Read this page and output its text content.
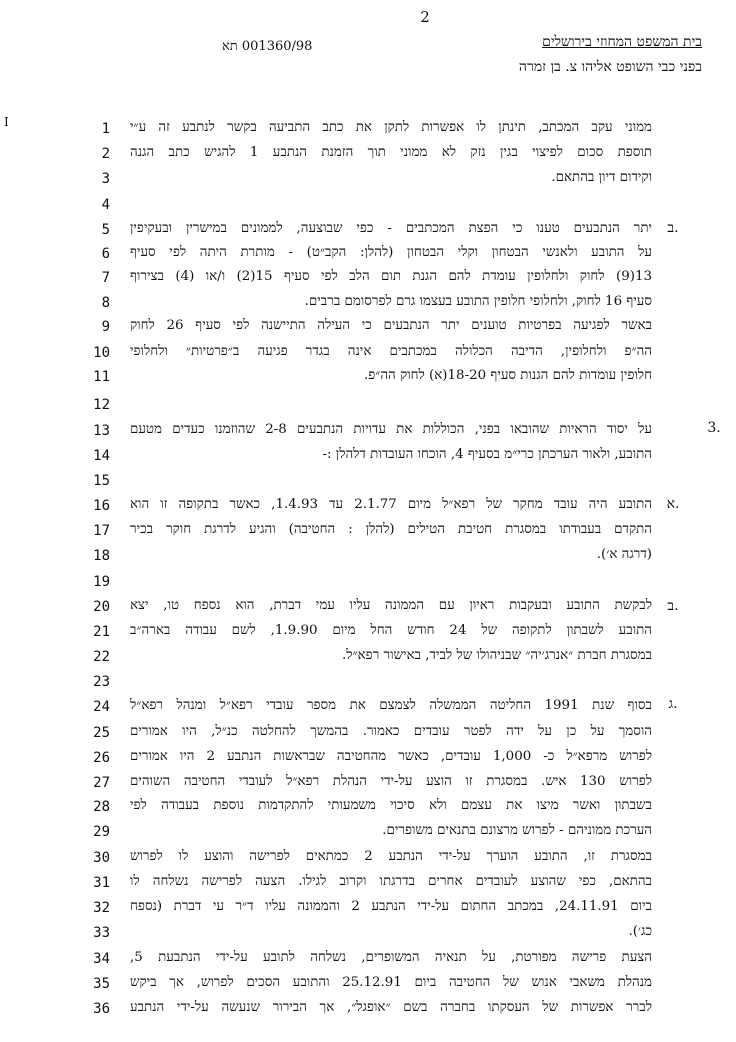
2
בית המשפט המחוזי בירושלים
001360/98 תא
בפני כבי השופט אליהו צ. בן זמרה
I
ב.
3.
א.
ב.
ג.
1 ממוני עקב המכתב, תינתן לו אפשרות לתקן את כתב התביעה בקשר לנתבע זה ע״י
2 תוספת סכום לפיצוי בגין נזק לא ממוני תוך הזמנת הנתבע 1 להגיש כתב הגנה
3	וקידום דיון בהתאם.
4
5 יתר הנתבעים טענו כי הפצת המכתבים - כפי שבוצעה, לממונים במישרין ובעקיפין
6 על התובע ולאנשי הבטחון וקלי הבטחון (להלן: הקב״ט) - מותרת היתה לפי סעיף
7 13(9) לחוק ולחלופין עומדת להם הגנת תום הלב לפי סעיף 15(2) ו/או (4) בצירוף
8	סעיף 16 לחוק, ולחלופי חלופין התובע בעצמו גרם לפרסומם ברבים.
9 באשר לפגיעה בפרטיות טוענים יתר הנתבעים כי העילה התיישנה לפי סעיף 26 לחוק
10 הה״פ ולחלופין, הדיבה הכלולה במכתבים אינה בגדר פגיעה ב״פרטיות״ ולחלופי
11	חלופין עומדות להם הגנות סעיף 18-20(א) לחוק הה״פ.
12
13 על יסוד הראיות שהובאו בפני, הכוללות את עדויות הנתבעים 2-8 שהוזמנו כעדים מטעם
14	התובע, ולאור הערכתן כרי״מ בסעיף 4, הוכחו העובדות דלהלן :-
15
16 התובע היה עובד מחקר של רפא״ל מיום 2.1.77 עד 1.4.93, כאשר בתקופה זו הוא
17 התקדם בעבודתו במסגרת חטיבת הטילים (להלן : החטיבה) והגיע לדרגת חוקר בכיר
18	(דרגה א׳).
19
20 לבקשת התובע ובעקבות ראיון עם הממונה עליו עמי דברת, הוא נספח טו, יצא
21 התובע לשבתון לתקופה של 24 חודש החל מיום 1.9.90, לשם עבודה בארה״ב
22	במסגרת חברת ״אנרג׳יה״ שבניהולו של לביד, באישור רפא״ל.
23
24 בסוף שנת 1991 החליטה הממשלה לצמצם את מספר עובדי רפא״ל ומנהל רפא״ל
25 הוסמך על כן על ידה לפטר עובדים כאמור. בהמשך להחלטה כנ״ל, היו אמורים
26 לפרוש מרפא״ל כ- 1,000 עובדים, כאשר מהחטיבה שבראשות הנתבע 2 היו אמורים
27 לפרוש 130 איש. במסגרת זו הוצע על-ידי הנהלת רפא״ל לעובדי החטיבה השוהים
28 בשבתון ואשר מיצו את עצמם ולא סיכוי משמעותי להתקדמות נוספת בעבודה לפי
29	הערכת ממוניהם - לפרוש מרצונם בתנאים משופרים.
30 במסגרת זו, התובע הוערך על-ידי הנתבע 2 כמתאים לפרישה והוצע לו לפרוש
31 בהתאם, כפי שהוצע לעובדים אחרים בדרגתו וקרוב לגילו. הצעה לפרישה נשלחה לו
32 ביום 24.11.91, במכתב החתום על-ידי הנתבע 2 והממונה עליו ד״ר עי דברת (נספח
33	כג׳).
34 הצעת פרישה מפורטת, על תנאיה המשופרים, נשלחה לתובע על-ידי הנתבעת 5,
35 מנהלת משאבי אנוש של החטיבה ביום 25.12.91 והתובע הסכים לפרוש, אך ביקש
36 לברר אפשרות של העסקתו בחברה בשם ״אופגל״, אך הבירור שנעשה על-ידי הנתבע
